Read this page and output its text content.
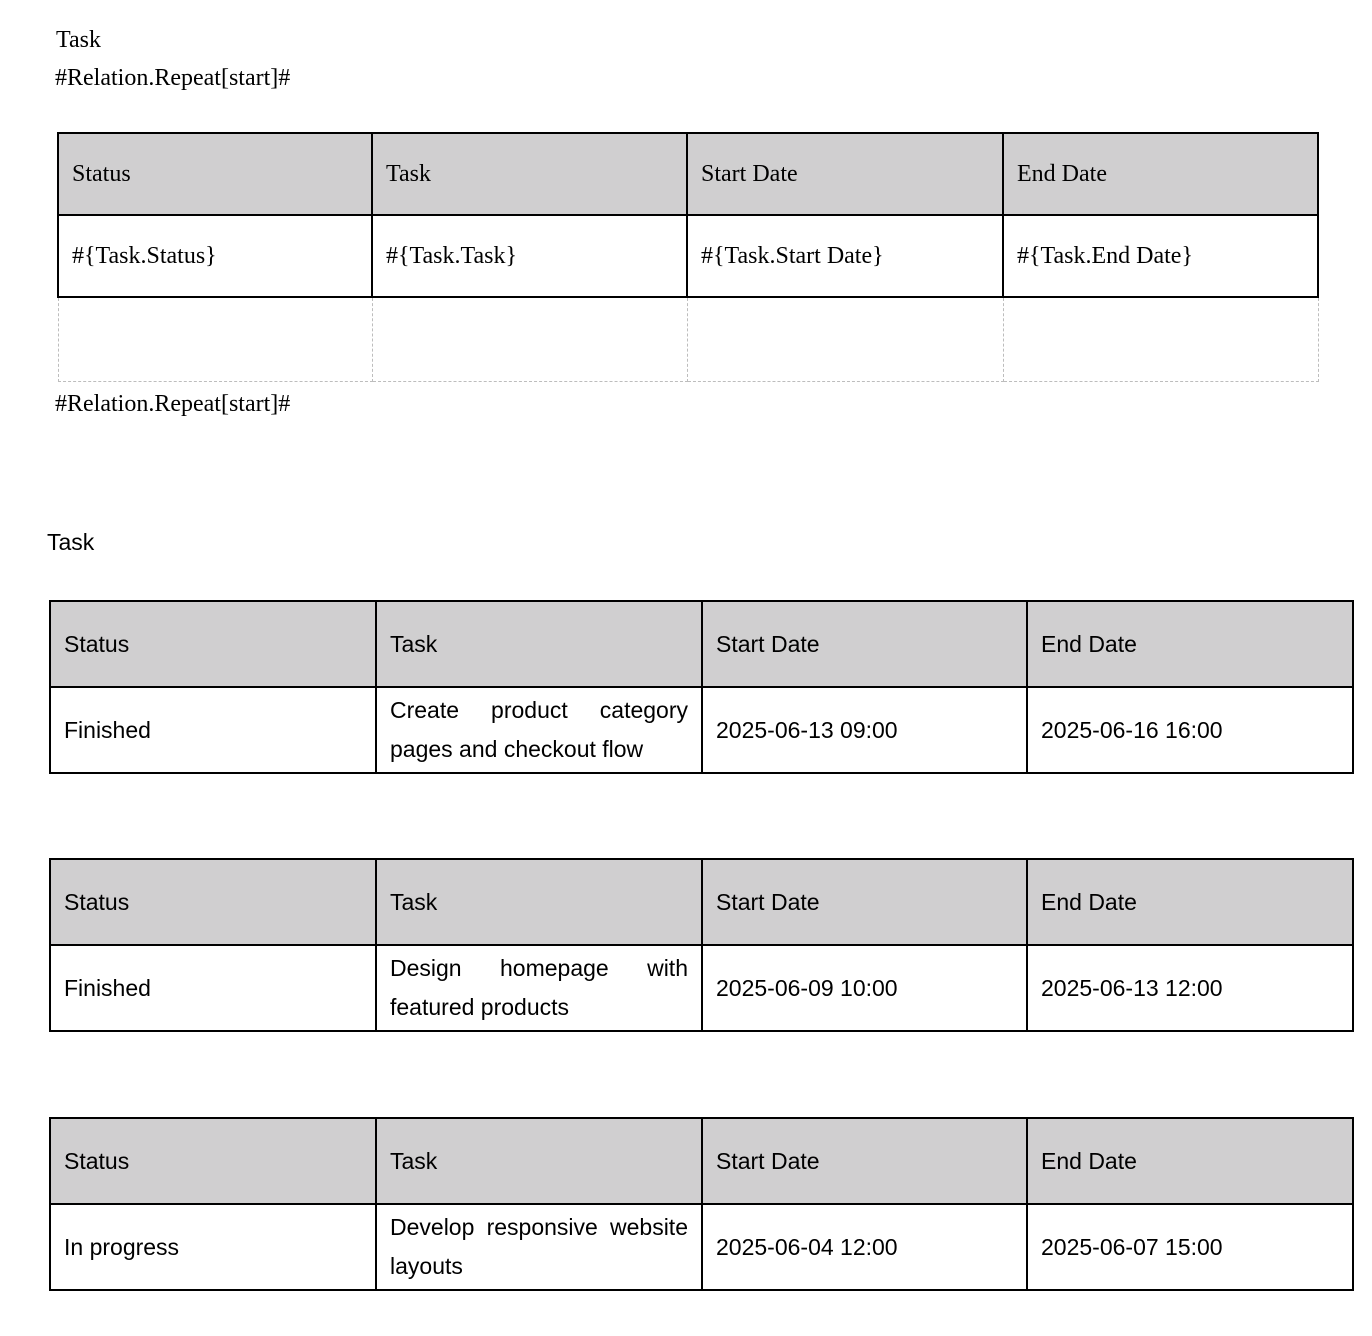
Task
#Relation.Repeat[start]#
Status	Task	Start Date	End Date
#{Task.Status}	#{Task.Task}	#{Task.Start Date}	#{Task.End Date}

#Relation.Repeat[start]#
Task
Status	Task	Start Date	End Date
Finished	Create product category pages and checkout flow	2025-06-13 09:00	2025-06-16 16:00
Status	Task	Start Date	End Date
Finished	Design homepage with featured products	2025-06-09 10:00	2025-06-13 12:00
Status	Task	Start Date	End Date
In progress	Develop responsive website layouts	2025-06-04 12:00	2025-06-07 15:00
